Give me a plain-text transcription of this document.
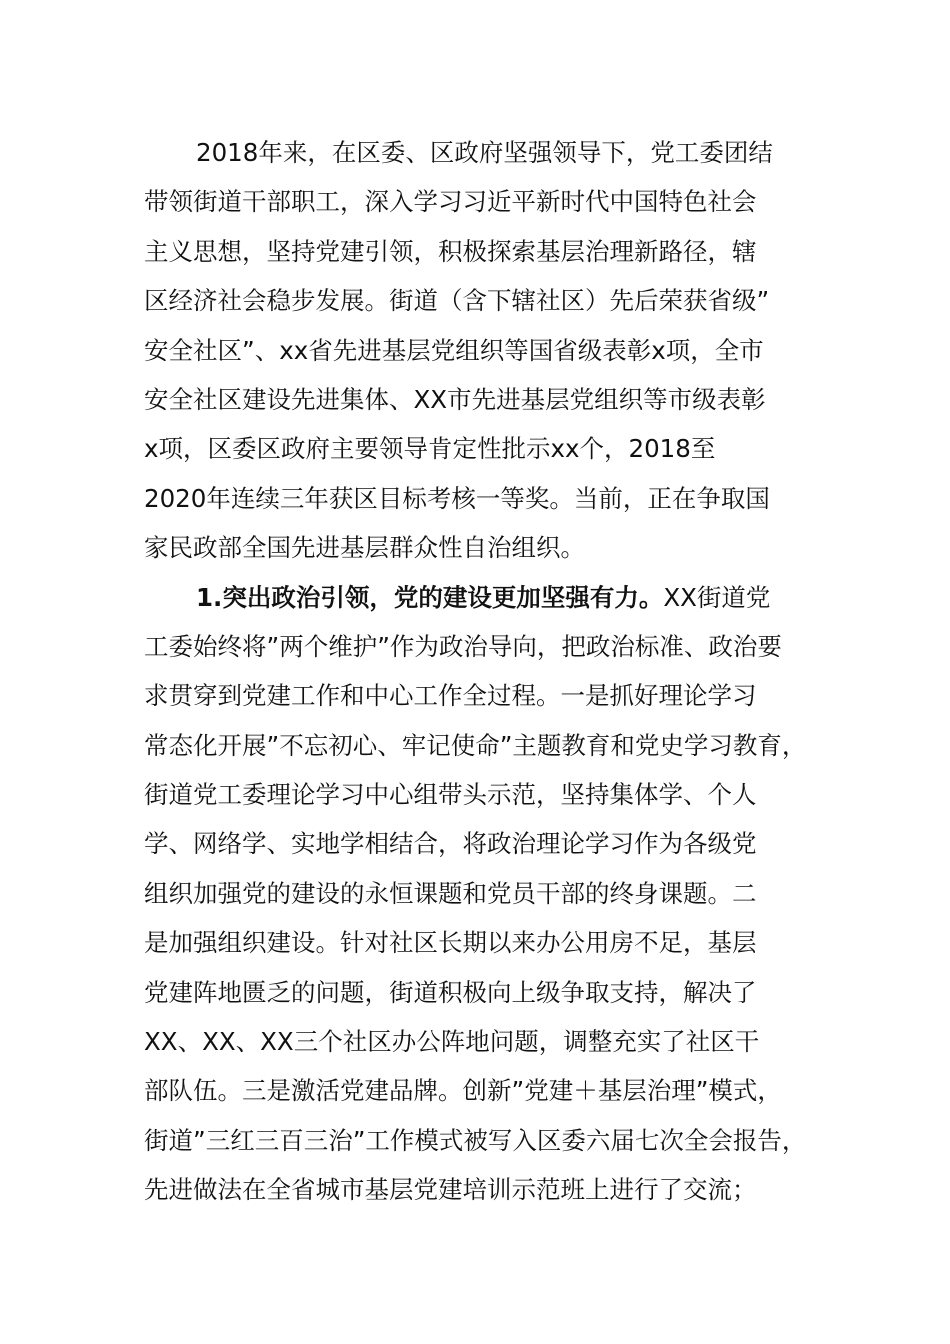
2018年来，在区委、区政府坚强领导下，党工委团结
带领街道干部职工，深入学习习近平新时代中国特色社会
主义思想，坚持党建引领，积极探索基层治理新路径，辖
区经济社会稳步发展。街道（含下辖社区）先后荣获省级”
安全社区”、xx省先进基层党组织等国省级表彰x项，全市
安全社区建设先进集体、XX市先进基层党组织等市级表彰
x项，区委区政府主要领导肯定性批示xx个，2018至
2020年连续三年获区目标考核一等奖。当前，正在争取国
家民政部全国先进基层群众性自治组织。
1.突出政治引领，党的建设更加坚强有力。XX街道党
工委始终将”两个维护”作为政治导向，把政治标准、政治要
求贯穿到党建工作和中心工作全过程。一是抓好理论学习
常态化开展”不忘初心、牢记使命”主题教育和党史学习教育，
街道党工委理论学习中心组带头示范，坚持集体学、个人
学、网络学、实地学相结合，将政治理论学习作为各级党
组织加强党的建设的永恒课题和党员干部的终身课题。二
是加强组织建设。针对社区长期以来办公用房不足，基层
党建阵地匮乏的问题，街道积极向上级争取支持，解决了
XX、XX、XX三个社区办公阵地问题，调整充实了社区干
部队伍。三是激活党建品牌。创新”党建＋基层治理”模式，
街道”三红三百三治”工作模式被写入区委六届七次全会报告，
先进做法在全省城市基层党建培训示范班上进行了交流；
